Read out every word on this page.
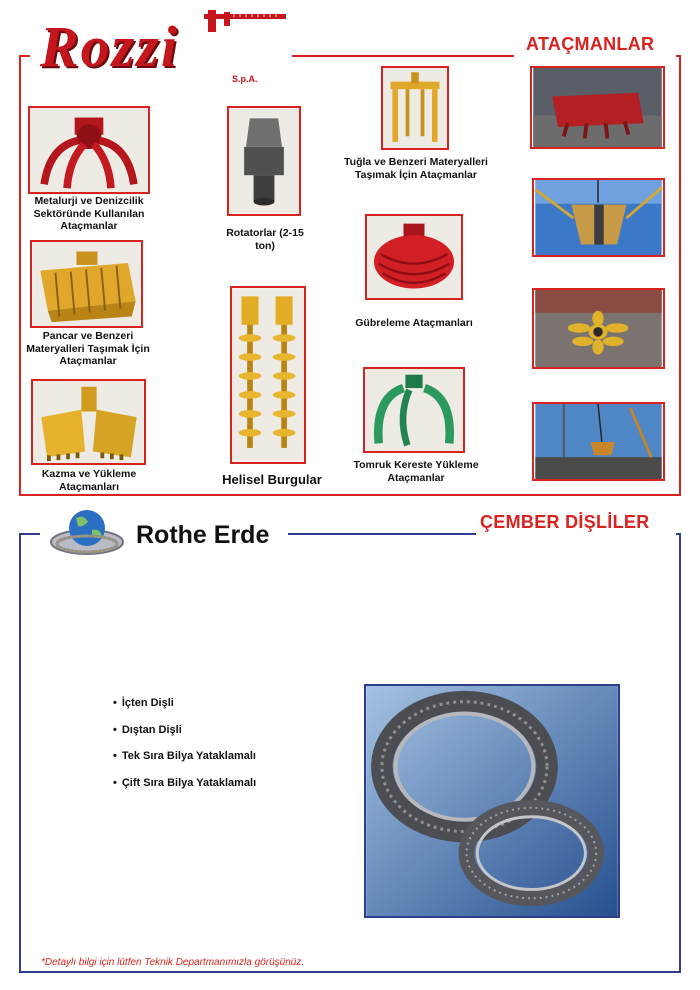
Rozzi	S.p.A.
ATAÇMANLAR
Metalurji ve Denizcilik Sektöründe Kullanılan Ataçmanlar
Pancar ve Benzeri Materyalleri Taşımak İçin Ataçmanlar
Kazma ve Yükleme Ataçmanları
Rotatorlar (2-15 ton)
Helisel Burgular
Tuğla ve Benzeri Materyalleri Taşımak İçin Ataçmanlar
Gübreleme Ataçmanları
Tomruk Kereste Yükleme Ataçmanlar
ÇEMBER DİŞLİLER
Rothe Erde
• İçten Dişli
• Dıştan Dişli
• Tek Sıra Bilya Yataklamalı
• Çift Sıra Bilya Yataklamalı
*Detaylı bilgi için lütfen Teknik Departmanımızla görüşünüz.
